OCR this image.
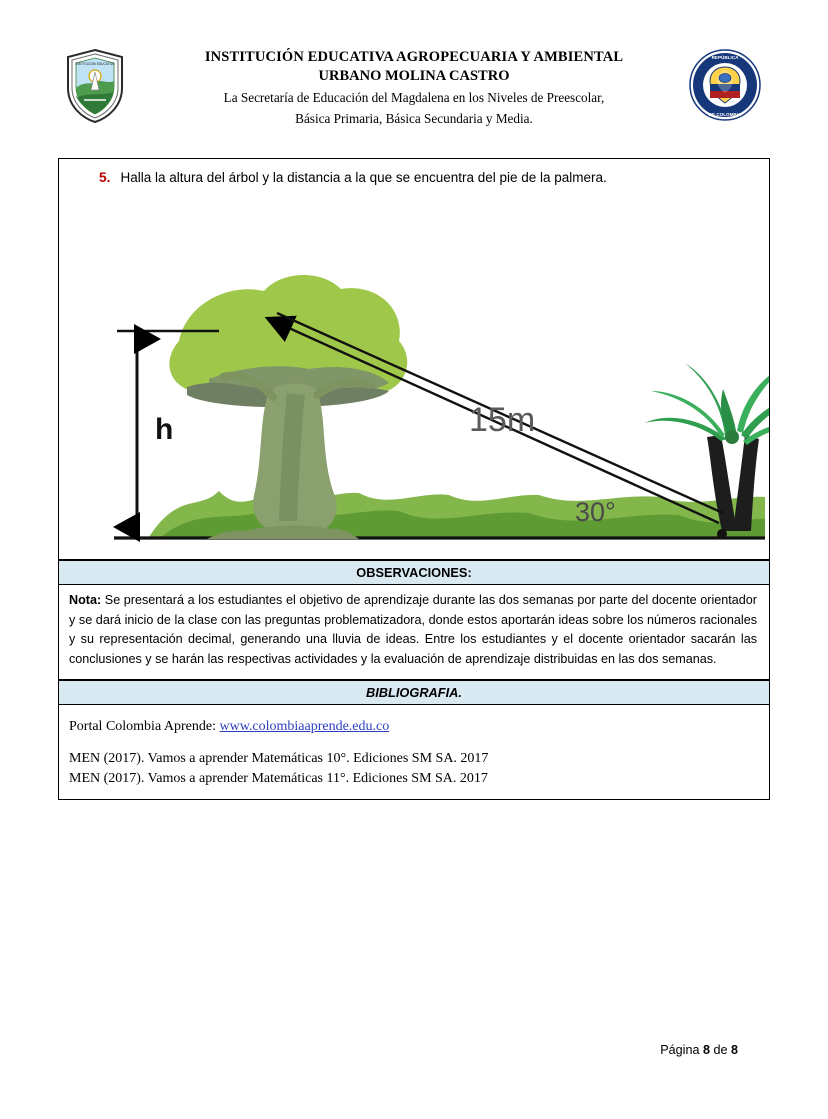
INSTITUCIÓN EDUCATIVA	INSTITUCIÓN EDUCATIVA AGROPECUARIA Y AMBIENTAL
URBANO MOLINA CASTRO
La Secretaría de Educación del Magdalena en los Niveles de Preescolar,
Básica Primaria, Básica Secundaria y Media.
REPÚBLICA
DE COLOMBIA
5. Halla la altura del árbol y la distancia a la que se encuentra del pie de la palmera.
h	15m
30°
OBSERVACIONES:
Nota: Se presentará a los estudiantes el objetivo de aprendizaje durante las dos semanas por parte del docente orientador y se dará inicio de la clase con las preguntas problematizadora, donde estos aportarán ideas sobre los números racionales y su representación decimal, generando una lluvia de ideas. Entre los estudiantes y el docente orientador sacarán las conclusiones y se harán las respectivas actividades y la evaluación de aprendizaje distribuidas en las dos semanas.
BIBLIOGRAFIA.
Portal Colombia Aprende: www.colombiaaprende.edu.co
MEN (2017). Vamos a aprender Matemáticas 10°. Ediciones SM SA. 2017
MEN (2017). Vamos a aprender Matemáticas 11°. Ediciones SM SA. 2017
Página 8 de 8
